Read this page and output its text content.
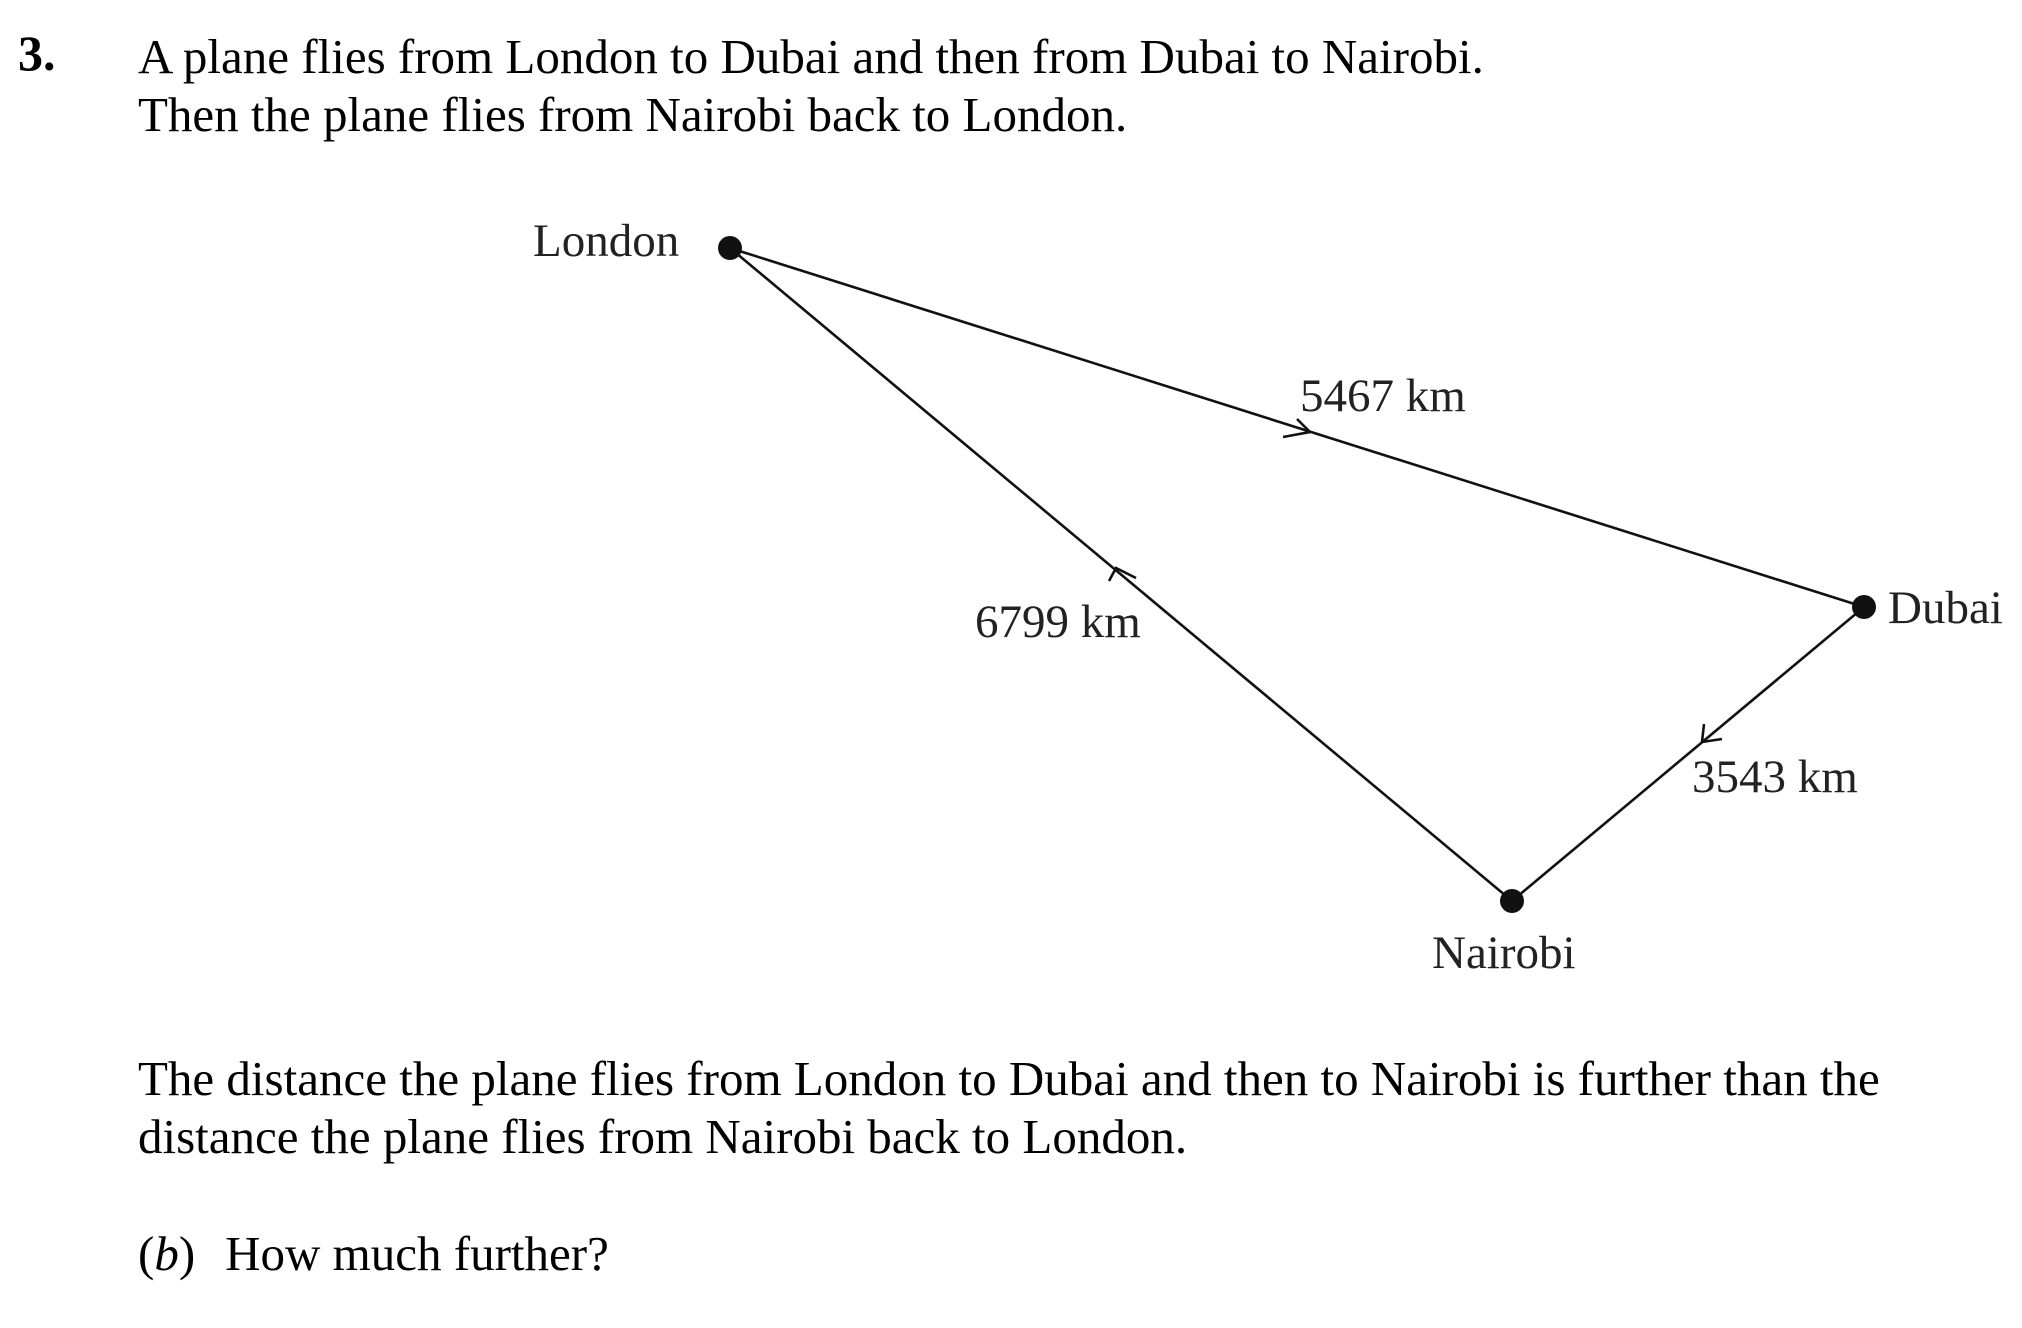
3. A plane flies from London to Dubai and then from Dubai to Nairobi.
Then the plane flies from Nairobi back to London.
London
Dubai
Nairobi
5467 km
3543 km
6799 km
The distance the plane flies from London to Dubai and then to Nairobi is further than the
distance the plane flies from Nairobi back to London.
(b) How much further?
